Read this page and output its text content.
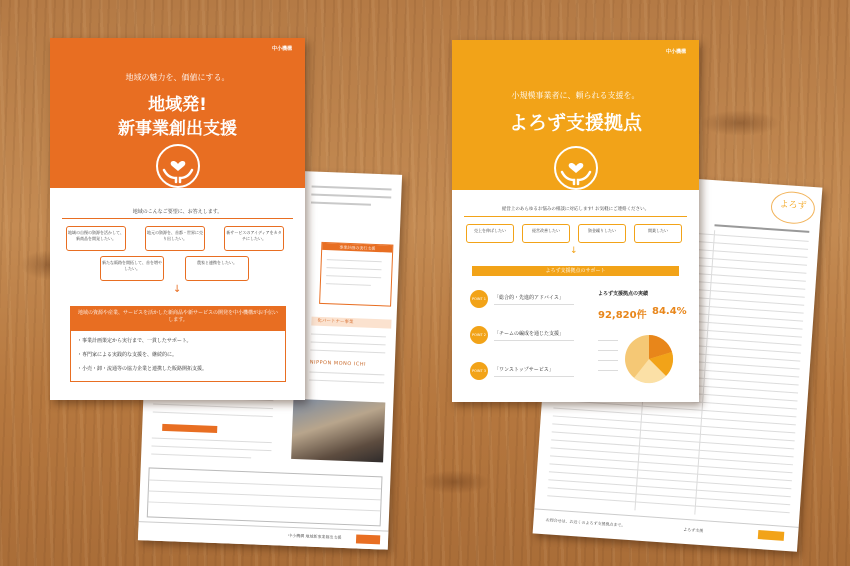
事業計画の実行支援
化パートナー事業
NIPPON MONO ICHI
中小機構 地域新事業創出支援
よろず
お問合せは、お近くのよろず支援拠点まで。
よろず支援
中小機構
地域の魅力を、価値にする。
地域発!
新事業創出支援
地域のこんなご要望に、お答えします。
地域の自慢の資源を活かして、新商品を開発したい。
地元の資源を、首都・世界に売り出したい。
新サービスのアイディアをカタチにしたい。
新たな販路を開拓して、首を増やしたい。
農家と連携をしたい。
↓
地域の資源や産業、サービスを活かした新商品や新サービスの開発を中小機構がお手伝いします。
・事業計画策定から実行まで、一貫したサポート。
・専門家による実践的な支援を、継続的に。
・小売・卸・流通等の協力企業と連携した販路開拓支援。
中小機構
小規模事業者に、頼られる支援を。
よろず支援拠点
経営上のあらゆるお悩みの相談に対応します! お気軽にご連絡ください。
売上を伸ばしたい	経営改善したい	資金繰りしたい	開業したい
↓
よろず支援拠点のサポート
POINT 1	「総合的・先進的アドバイス」
POINT 2	「チームの編成を通じた支援」
POINT 3	「ワンストップサービス」
よろず支援拠点の実績
92,820件 84.4%
